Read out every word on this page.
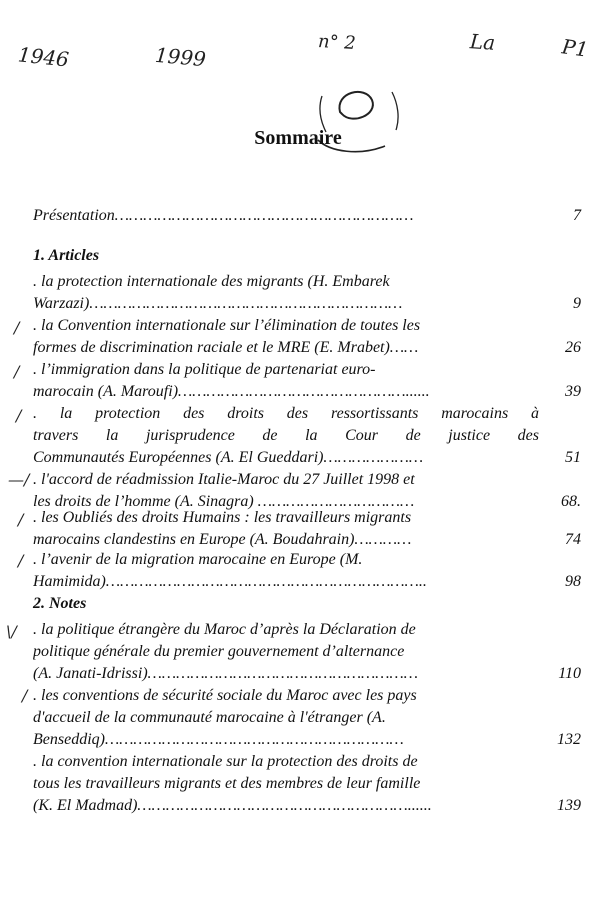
1946	1999
n° 2	La	P1
Sommaire
1. Articles
2. Notes
Présentation………………………………………………………	7
. la protection internationale des migrants (H. Embarek
Warzazi)…………………………………………………………	9
. la Convention internationale sur l’élimination de toutes les
formes de discrimination raciale et le MRE (E. Mrabet)……	26
. l’immigration dans la politique de partenariat euro-
marocain (A. Maroufi)…………………………………………......	39
. la protection des droits des ressortissants marocains à
travers la jurisprudence de la Cour de justice des
Communautés Européennes (A. El Gueddari)…………………	51
. l'accord de réadmission Italie-Maroc du 27 Juillet 1998 et
les droits de l’homme (A. Sinagra) ……………………………	68.
. les Oubliés des droits Humains : les travailleurs migrants
marocains clandestins en Europe (A. Boudahrain)…………	74
. l’avenir de la migration marocaine en Europe (M.
Hamimida)…………………………………………………………..	98
. la politique étrangère du Maroc d’après la Déclaration de
politique générale du premier gouvernement d’alternance
(A. Janati-Idrissi)…………………………………………………	110
. les conventions de sécurité sociale du Maroc avec les pays
d'accueil de la communauté marocaine à l'étranger (A.
Benseddiq)………………………………………………………	132
. la convention internationale sur la protection des droits de
tous les travailleurs migrants et des membres de leur famille
(K. El Madmad)…………………………………………………......	139
/
/
/
—/
/
/
\/
/
